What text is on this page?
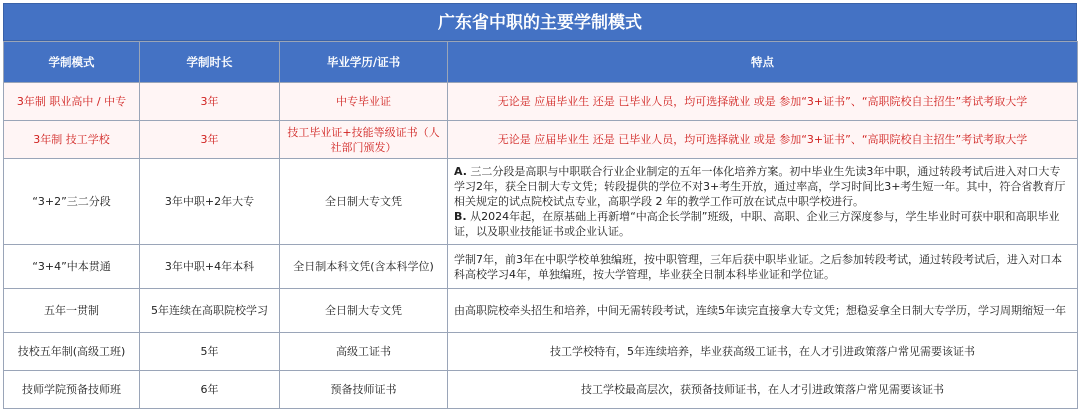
广东省中职的主要学制模式
学制模式	学制时长	毕业学历/证书	特点
3年制 职业高中 / 中专	3年	中专毕业证	无论是 应届毕业生 还是 已毕业人员，均可选择就业 或是 参加“3+证书”、“高职院校自主招生”考试考取大学
3年制 技工学校	3年	技工毕业证+技能等级证书（人社部门颁发）	无论是 应届毕业生 还是 已毕业人员，均可选择就业 或是 参加“3+证书”、“高职院校自主招生”考试考取大学
“3+2”三二分段	3年中职+2年大专	全日制大专文凭	A. 三二分段是高职与中职联合行业企业制定的五年一体化培养方案。初中毕业生先读3年中职，通过转段考试后进入对口大专学习2年，获全日制大专文凭；转段提供的学位不对3+考生开放，通过率高，学习时间比3+考生短一年。其中，符合省教育厅相关规定的试点院校试点专业，高职学段 2 年的教学工作可放在试点中职学校进行。
B. 从2024年起，在原基础上再新增“中高企长学制”班级，中职、高职、企业三方深度参与，学生毕业时可获中职和高职毕业证，以及职业技能证书或企业认证。
“3+4”中本贯通	3年中职+4年本科	全日制本科文凭(含本科学位)	学制7年，前3年在中职学校单独编班，按中职管理，三年后获中职毕业证。之后参加转段考试，通过转段考试后，进入对口本科高校学习4年，单独编班，按大学管理，毕业获全日制本科毕业证和学位证。
五年一贯制	5年连续在高职院校学习	全日制大专文凭	由高职院校牵头招生和培养，中间无需转段考试，连续5年读完直接拿大专文凭；想稳妥拿全日制大专学历，学习周期缩短一年
技校五年制(高级工班)	5年	高级工证书	技工学校特有，5年连续培养，毕业获高级工证书，在人才引进政策落户常见需要该证书
技师学院预备技师班	6年	预备技师证书	技工学校最高层次，获预备技师证书，在人才引进政策落户常见需要该证书
